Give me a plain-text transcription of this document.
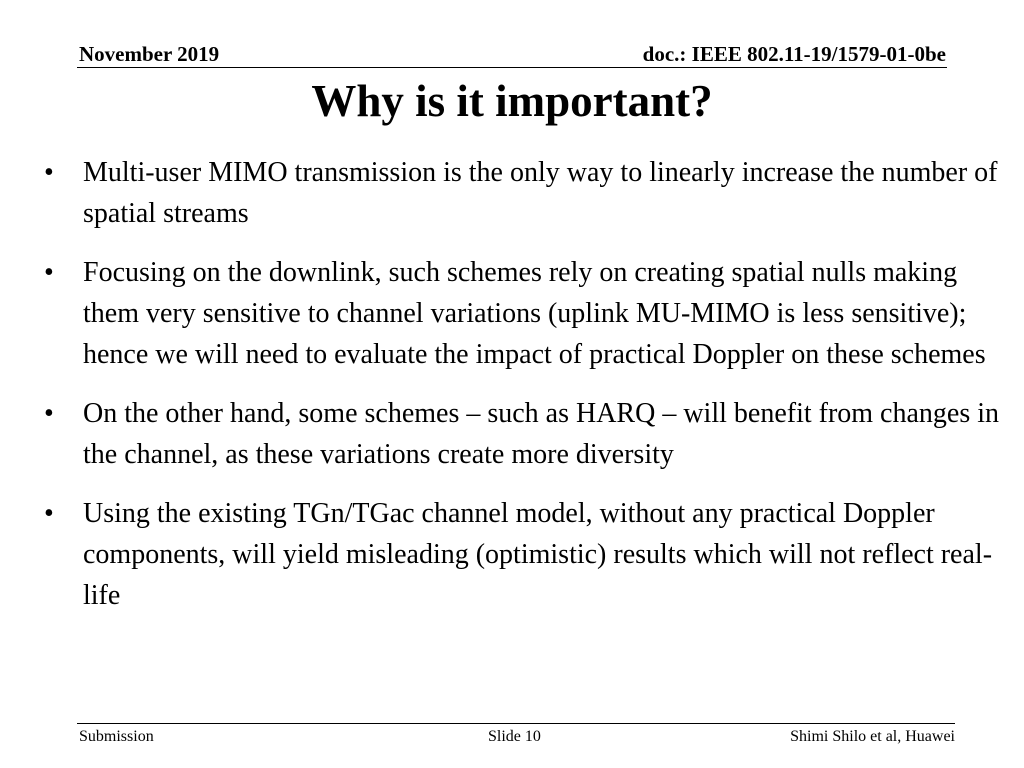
November 2019	doc.: IEEE 802.11-19/1579-01-0be
Why is it important?
•	Multi-user MIMO transmission is the only way to linearly increase the number of spatial streams
•	Focusing on the downlink, such schemes rely on creating spatial nulls making them very sensitive to channel variations (uplink MU-MIMO is less sensitive); hence we will need to evaluate the impact of practical Doppler on these schemes
•	On the other hand, some schemes – such as HARQ – will benefit from changes in the channel, as these variations create more diversity
•	Using the existing TGn/TGac channel model, without any practical Doppler components, will yield misleading (optimistic) results which will not reflect real-life
Submission	Slide 10	Shimi Shilo et al, Huawei
